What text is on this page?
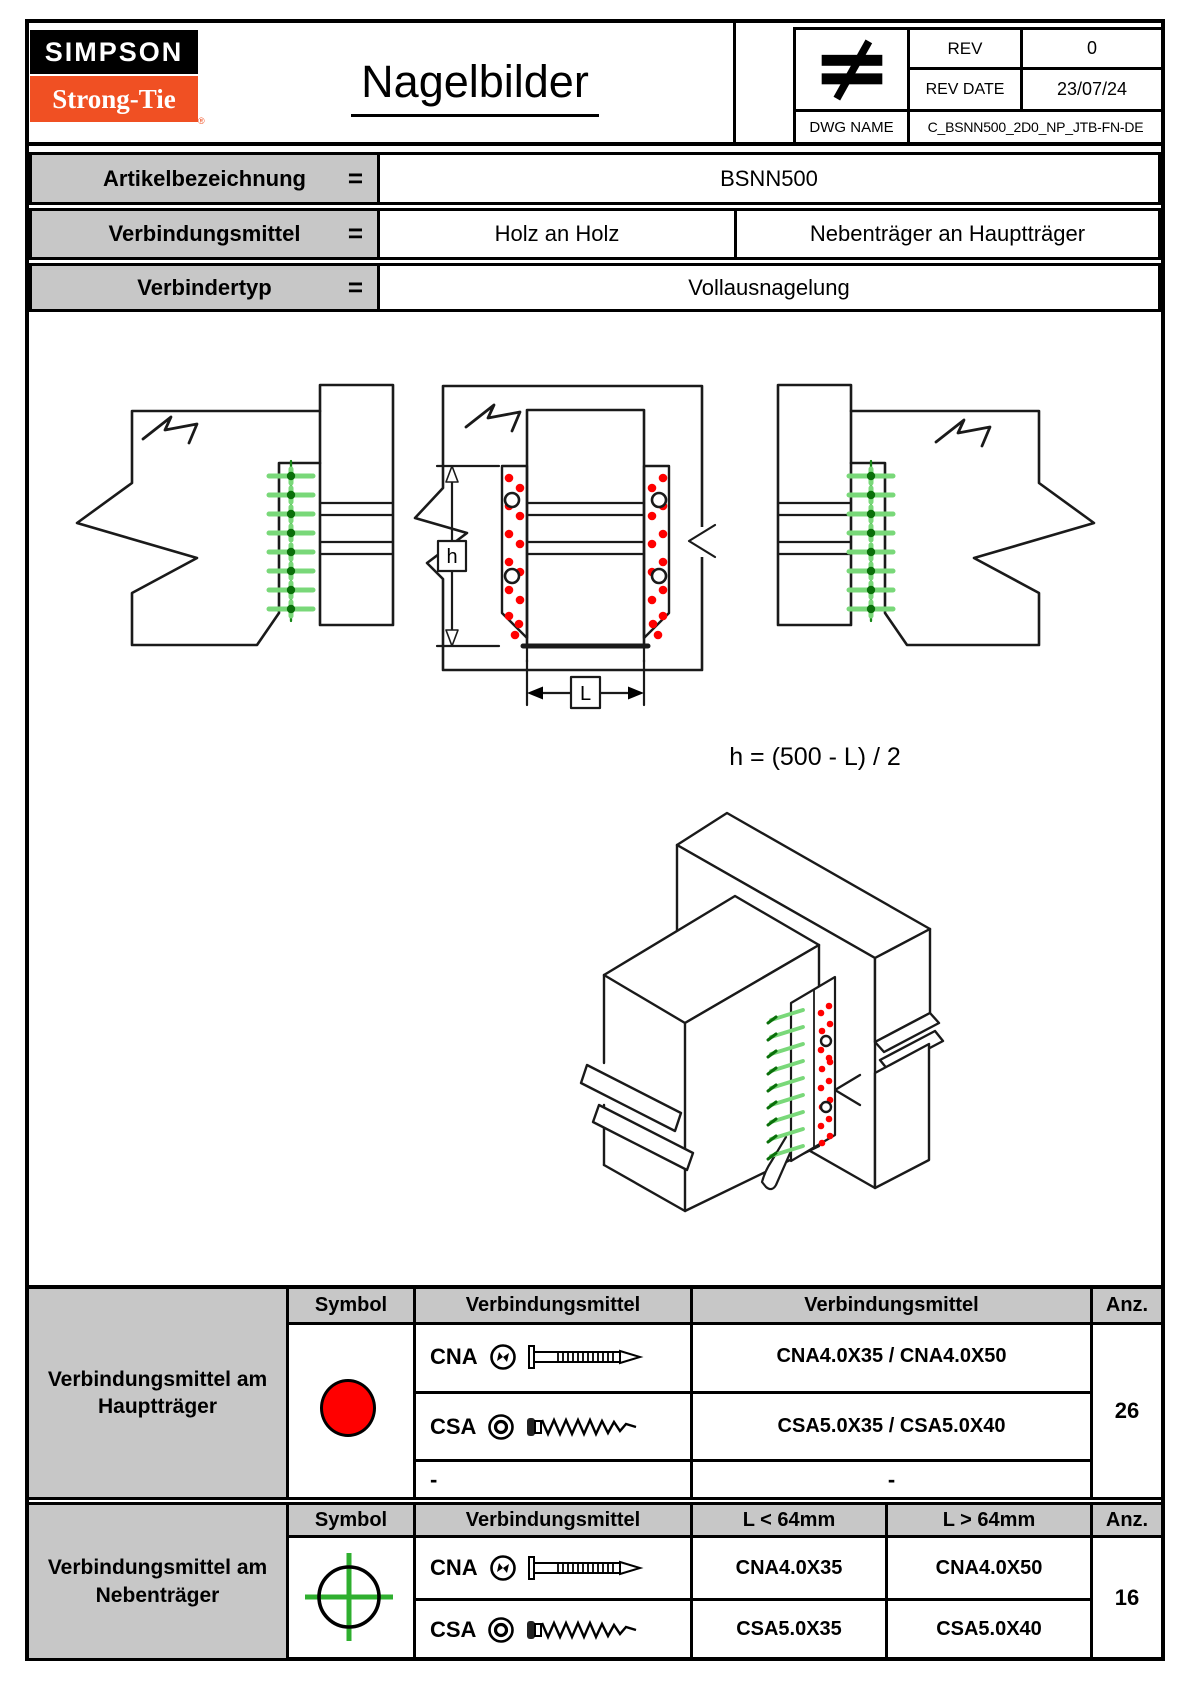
SIMPSON
Strong-Tie
®
Nagelbilder
REV	0
REV DATE	23/07/24
DWG NAME	C_BSNN500_2D0_NP_JTB-FN-DE
Artikelbezeichnung =	BSNN500
Verbindungsmittel =	Holz an Holz	Nebenträger an Hauptträger
Verbindertyp	=	Vollausnagelung
h
L
h = (500 - L) / 2
Verbindungsmittel am Hauptträger
Symbol	Verbindungsmittel	Verbindungsmittel	Anz.
CNA	CNA4.0X35 / CNA4.0X50
CSA	CSA5.0X35 / CSA5.0X40
-	-
26
Verbindungsmittel am Nebenträger
Symbol	Verbindungsmittel	L < 64mm	L > 64mm	Anz.
CNA	CNA4.0X35	CNA4.0X50
CSA	CSA5.0X35	CSA5.0X40
16
